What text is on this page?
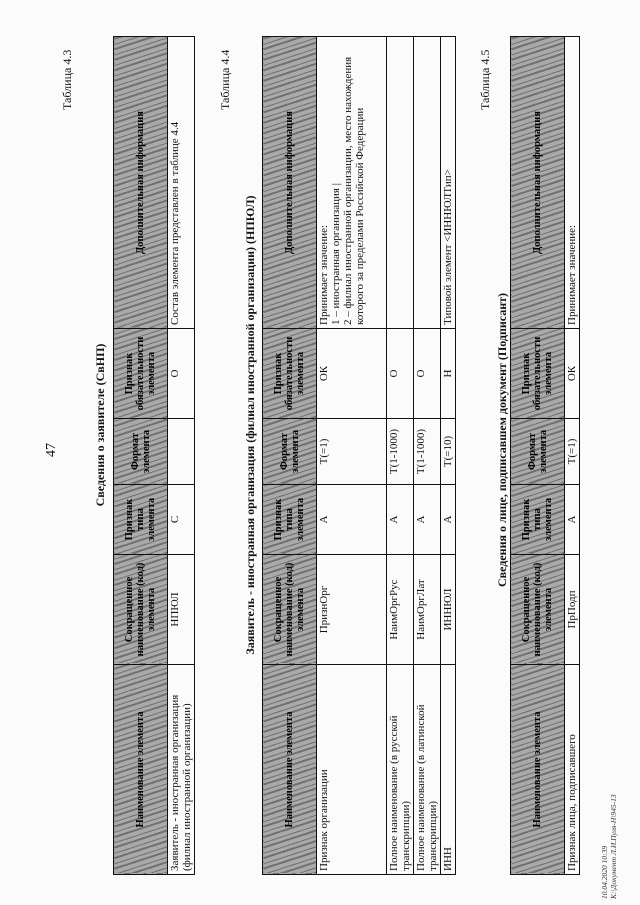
47
Таблица 4.3
Сведения о заявителе (СвНП)
Наименование элемента	Сокращенное наименование (код) элемента	Признак типа элемента	Формат элемента	Признак обязательности элемента	Дополнительная информация
Заявитель - иностранная организация (филиал иностранной организации)	НПЮЛ	С		О	Состав элемента представлен в таблице 4.4
Таблица 4.4
Заявитель - иностранная организация (филиал иностранной организации) (НПЮЛ)
Наименование элемента	Сокращенное наименование (код) элемента	Признак типа элемента	Формат элемента	Признак обязательности элемента	Дополнительная информация
Признак организации	ПризнОрг	А	Т(=1)	ОК	Принимает значение:
1 – иностранная организация |
2 – филиал иностранной организации, место нахождения которого за пределами Российской Федерации
Полное наименование (в русской транскрипции)	НаимОргРус	А	Т(1-1000)	О	
Полное наименование (в латинской транскрипции)	НаимОргЛат	А	Т(1-1000)	О	
ИНН	ИННЮЛ	А	Т(=10)	Н	Типовой элемент <ИННЮЛТип>
Таблица 4.5
Сведения о лице, подписавшем документ (Подписант)
Наименование элемента	Сокращенное наименование (код) элемента	Признак типа элемента	Формат элемента	Признак обязательности элемента	Дополнительная информация
Признак лица, подписавшего	ПрПодп	А	Т(=1)	ОК	Принимает значение:
10.04.2020 10:39 К:\Документ Л.И.Пуля-Н\945-13
